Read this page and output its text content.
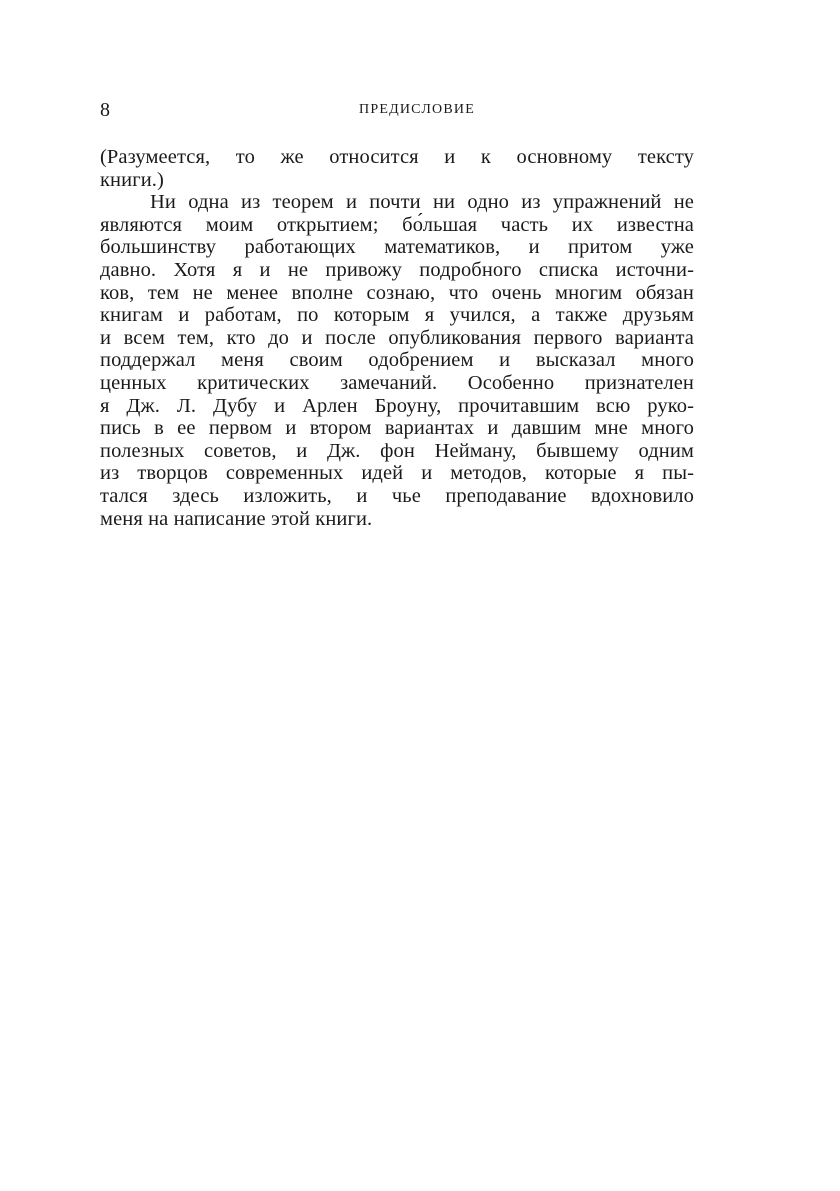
8	ПРЕДИСЛОВИЕ
(Разумеется, то же относится и к основному тексту
книги.)
Ни одна из теорем и почти ни одно из упражнений не
являются моим открытием; бо́льшая часть их известна
большинству работающих математиков, и притом уже
давно. Хотя я и не привожу подробного списка источни-
ков, тем не менее вполне сознаю, что очень многим обязан
книгам и работам, по которым я учился, а также друзьям
и всем тем, кто до и после опубликования первого варианта
поддержал меня своим одобрением и высказал много
ценных критических замечаний. Особенно признателен
я Дж. Л. Дубу и Арлен Броуну, прочитавшим всю руко-
пись в ее первом и втором вариантах и давшим мне много
полезных советов, и Дж. фон Нейману, бывшему одним
из творцов современных идей и методов, которые я пы-
тался здесь изложить, и чье преподавание вдохновило
меня на написание этой книги.
